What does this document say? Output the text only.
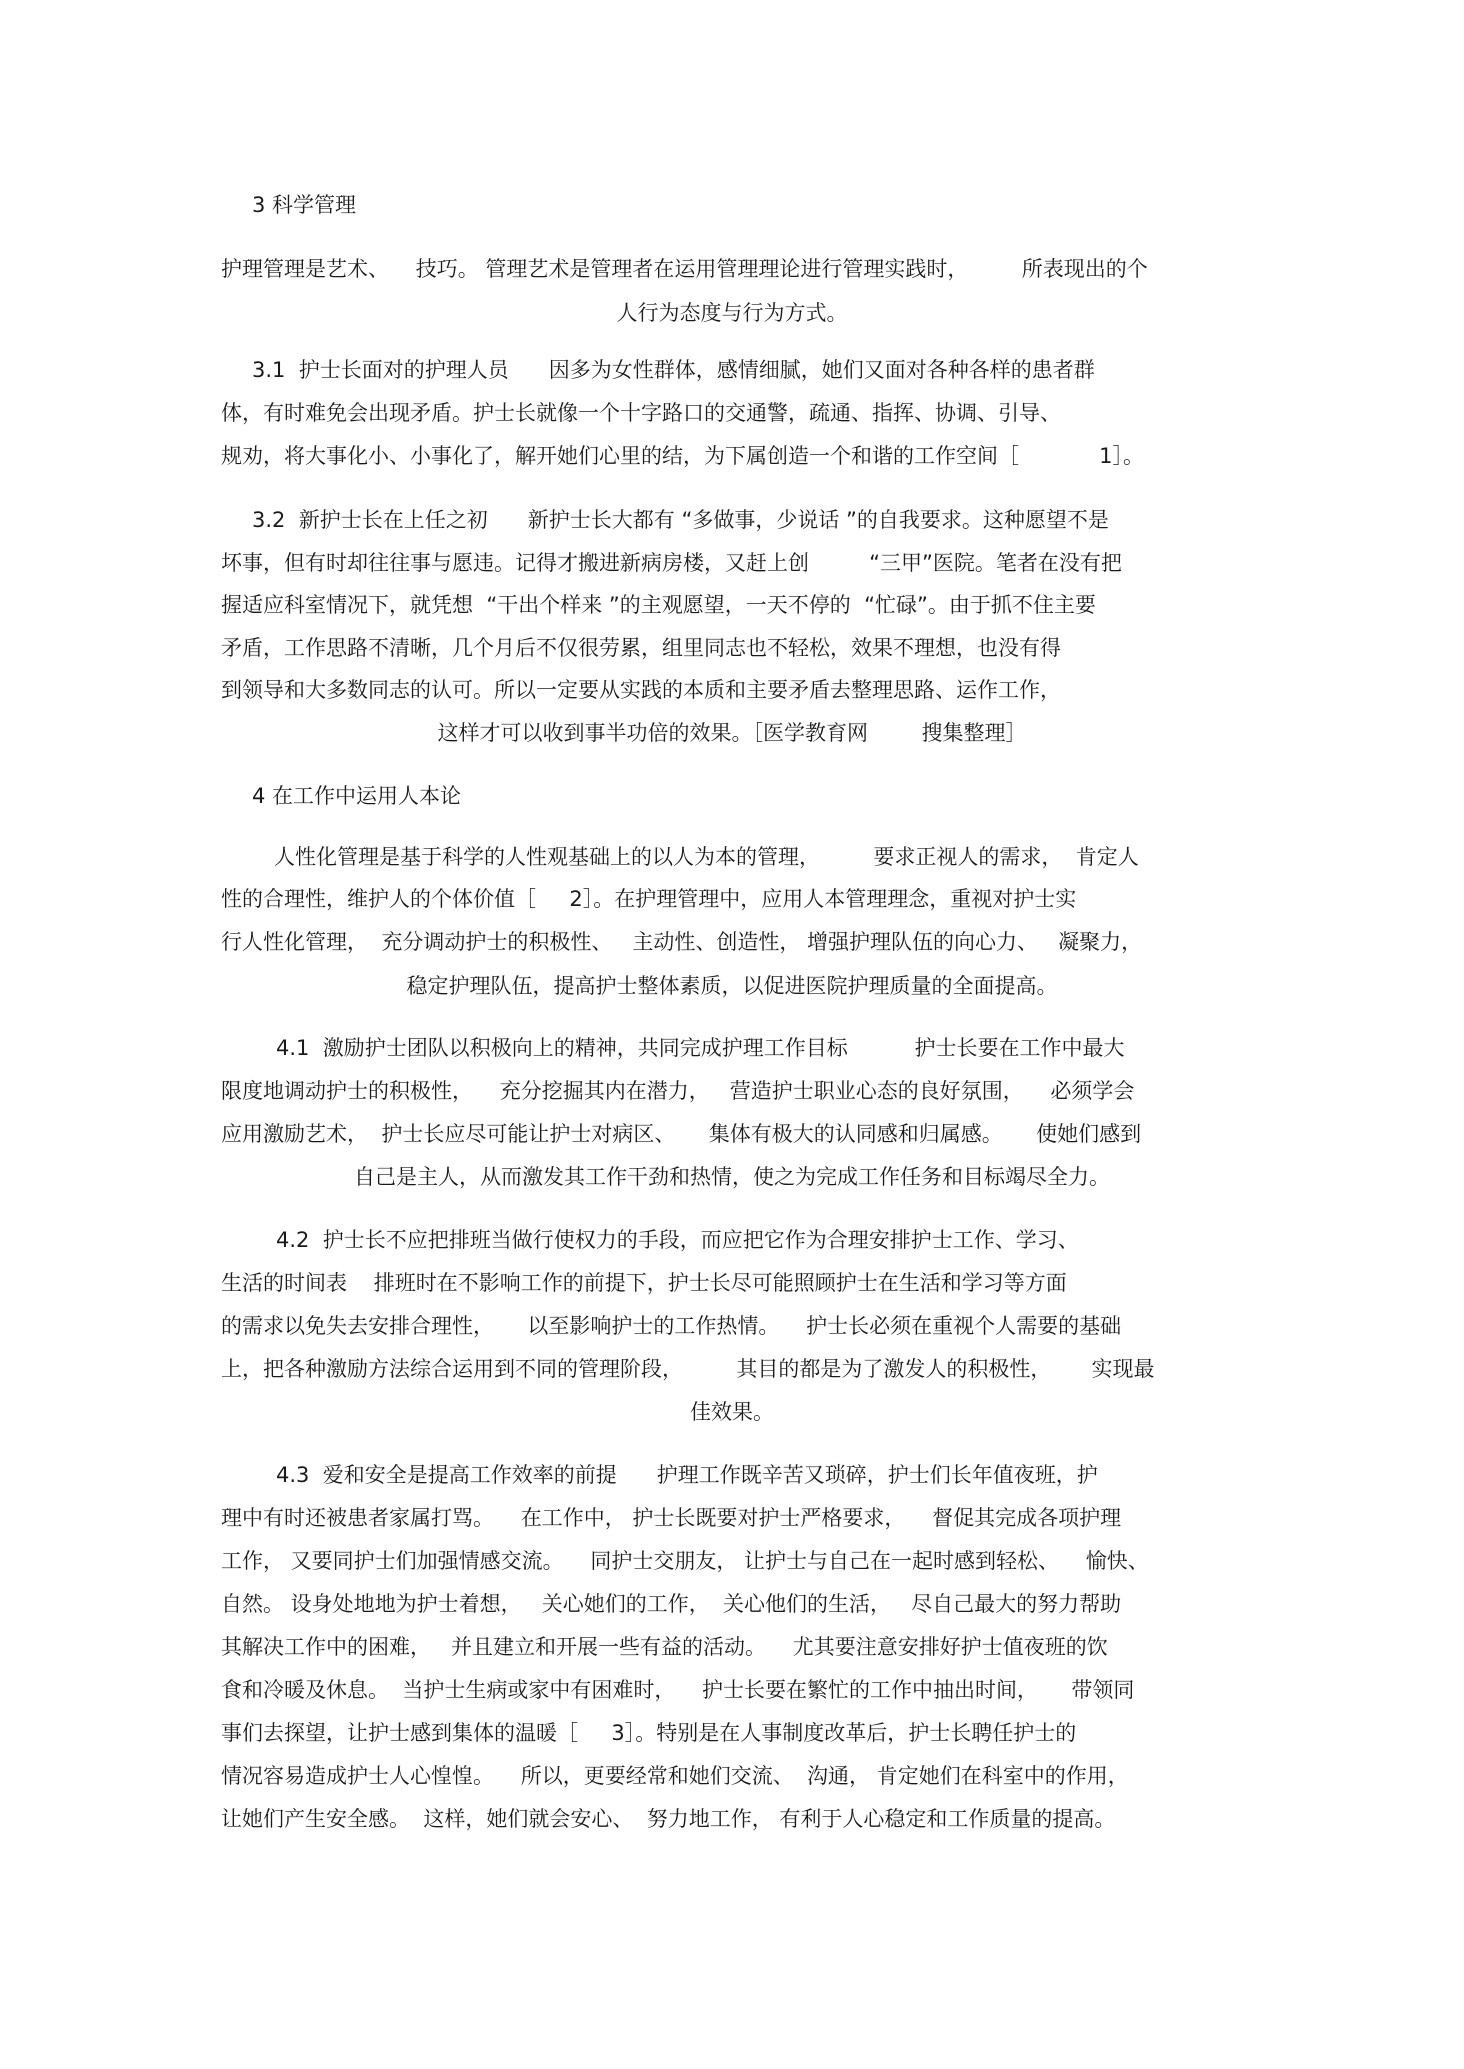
3 科学管理

护理管理是艺术、    技巧。 管理艺术是管理者在运用管理理论进行管理实践时，        所表现出的个

人行为态度与行为方式。

3.1  护士长面对的护理人员      因多为女性群体，感情细腻，她们又面对各种各样的患者群

体，有时难免会出现矛盾。护士长就像一个十字路口的交通警，疏通、指挥、协调、引导、

规劝，将大事化小、小事化了，解开她们心里的结，为下属创造一个和谐的工作空间［            1］。

3.2  新护士长在上任之初      新护士长大都有 “多做事，少说话 ”的自我要求。这种愿望不是

坏事，但有时却往往事与愿违。记得才搬进新病房楼，又赶上创         “三甲”医院。笔者在没有把

握适应科室情况下，就凭想  “干出个样来 ”的主观愿望，一天不停的  “忙碌”。由于抓不住主要

矛盾，工作思路不清晰，几个月后不仅很劳累，组里同志也不轻松，效果不理想，也没有得

到领导和大多数同志的认可。所以一定要从实践的本质和主要矛盾去整理思路、运作工作，

这样才可以收到事半功倍的效果。［医学教育网        搜集整理］

4 在工作中运用人本论

人性化管理是基于科学的人性观基础上的以人为本的管理，        要求正视人的需求，  肯定人

性的合理性，维护人的个体价值［     2］。在护理管理中，应用人本管理理念，重视对护士实

行人性化管理，  充分调动护士的积极性、   主动性、创造性， 增强护理队伍的向心力、   凝聚力，

稳定护理队伍，提高护士整体素质，以促进医院护理质量的全面提高。

4.1  激励护士团队以积极向上的精神，共同完成护理工作目标          护士长要在工作中最大

限度地调动护士的积极性，    充分挖掘其内在潜力，   营造护士职业心态的良好氛围，    必须学会

应用激励艺术，  护士长应尽可能让护士对病区、     集体有极大的认同感和归属感。     使她们感到

自己是主人，从而激发其工作干劲和热情，使之为完成工作任务和目标竭尽全力。

4.2  护士长不应把排班当做行使权力的手段，而应把它作为合理安排护士工作、学习、

生活的时间表    排班时在不影响工作的前提下，护士长尽可能照顾护士在生活和学习等方面

的需求以免失去安排合理性，     以至影响护士的工作热情。    护士长必须在重视个人需要的基础

上，把各种激励方法综合运用到不同的管理阶段，        其目的都是为了激发人的积极性，      实现最

佳效果。

4.3  爱和安全是提高工作效率的前提      护理工作既辛苦又琐碎，护士们长年值夜班，护

理中有时还被患者家属打骂。    在工作中， 护士长既要对护士严格要求，    督促其完成各项护理

工作， 又要同护士们加强情感交流。    同护士交朋友， 让护士与自己在一起时感到轻松、    愉快、

自然。 设身处地地为护士着想，   关心她们的工作，  关心他们的生活，   尽自己最大的努力帮助

其解决工作中的困难，   并且建立和开展一些有益的活动。    尤其要注意安排好护士值夜班的饮

食和冷暖及休息。  当护士生病或家中有困难时，    护士长要在繁忙的工作中抽出时间，     带领同

事们去探望，让护士感到集体的温暖［     3］。特别是在人事制度改革后，护士长聘任护士的

情况容易造成护士人心惶惶。    所以，更要经常和她们交流、  沟通， 肯定她们在科室中的作用，

让她们产生安全感。  这样，她们就会安心、  努力地工作， 有利于人心稳定和工作质量的提高。
